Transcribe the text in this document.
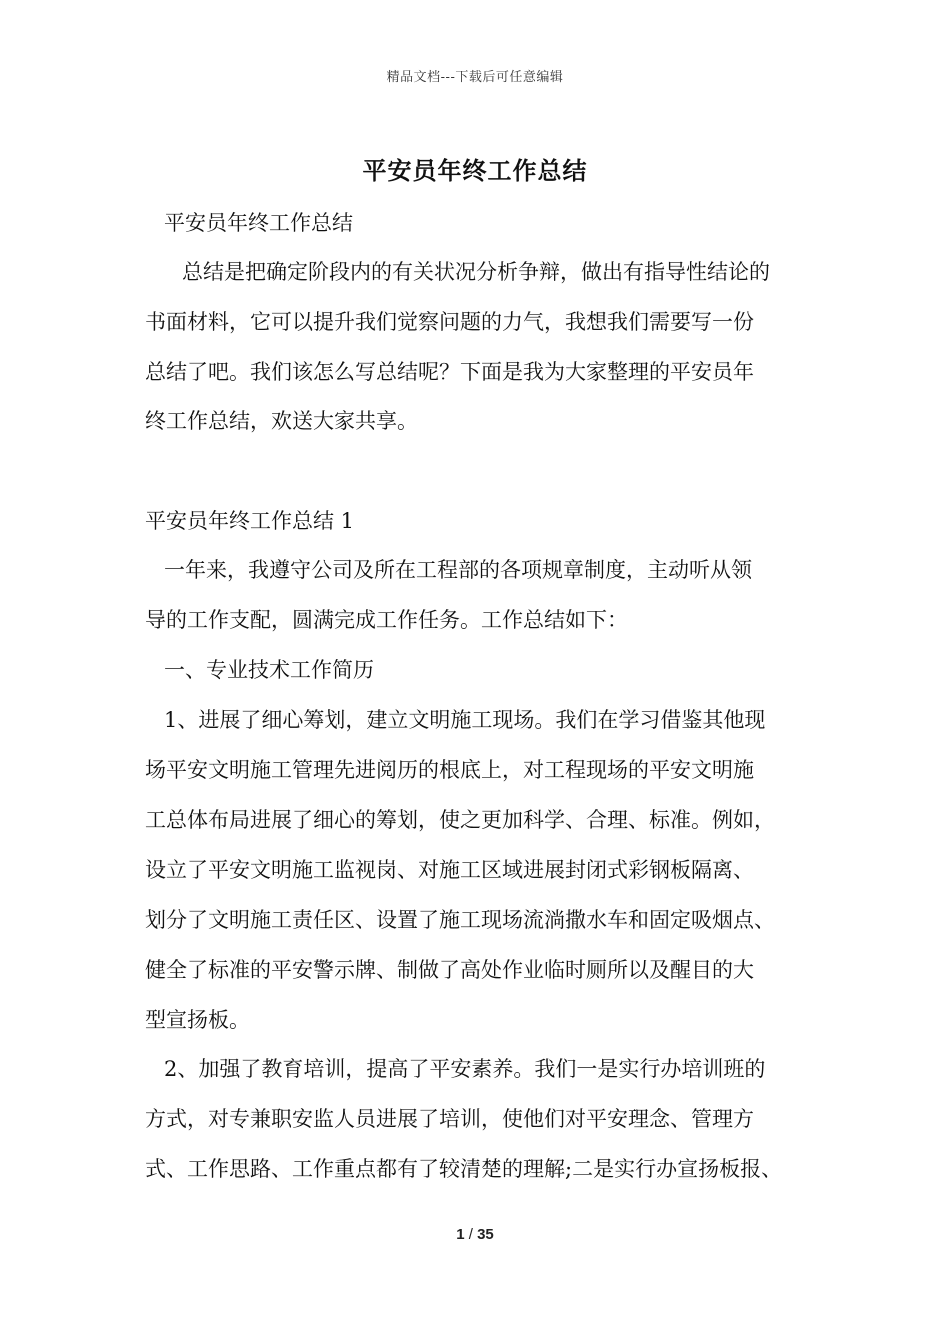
精品文档---下载后可任意编辑
平安员年终工作总结

平安员年终工作总结

总结是把确定阶段内的有关状况分析争辩，做出有指导性结论的

书面材料，它可以提升我们觉察问题的力气，我想我们需要写一份

总结了吧。我们该怎么写总结呢？下面是我为大家整理的平安员年

终工作总结，欢送大家共享。

平安员年终工作总结 1

一年来，我遵守公司及所在工程部的各项规章制度，主动听从领

导的工作支配，圆满完成工作任务。工作总结如下：

一、专业技术工作简历

1、进展了细心筹划，建立文明施工现场。我们在学习借鉴其他现

场平安文明施工管理先进阅历的根底上，对工程现场的平安文明施

工总体布局进展了细心的筹划，使之更加科学、合理、标准。例如，

设立了平安文明施工监视岗、对施工区域进展封闭式彩钢板隔离、

划分了文明施工责任区、设置了施工现场流淌撒水车和固定吸烟点、

健全了标准的平安警示牌、制做了高处作业临时厕所以及醒目的大

型宣扬板。

2、加强了教育培训，提高了平安素养。我们一是实行办培训班的

方式，对专兼职安监人员进展了培训，使他们对平安理念、管理方

式、工作思路、工作重点都有了较清楚的理解;二是实行办宣扬板报、

1 / 35
